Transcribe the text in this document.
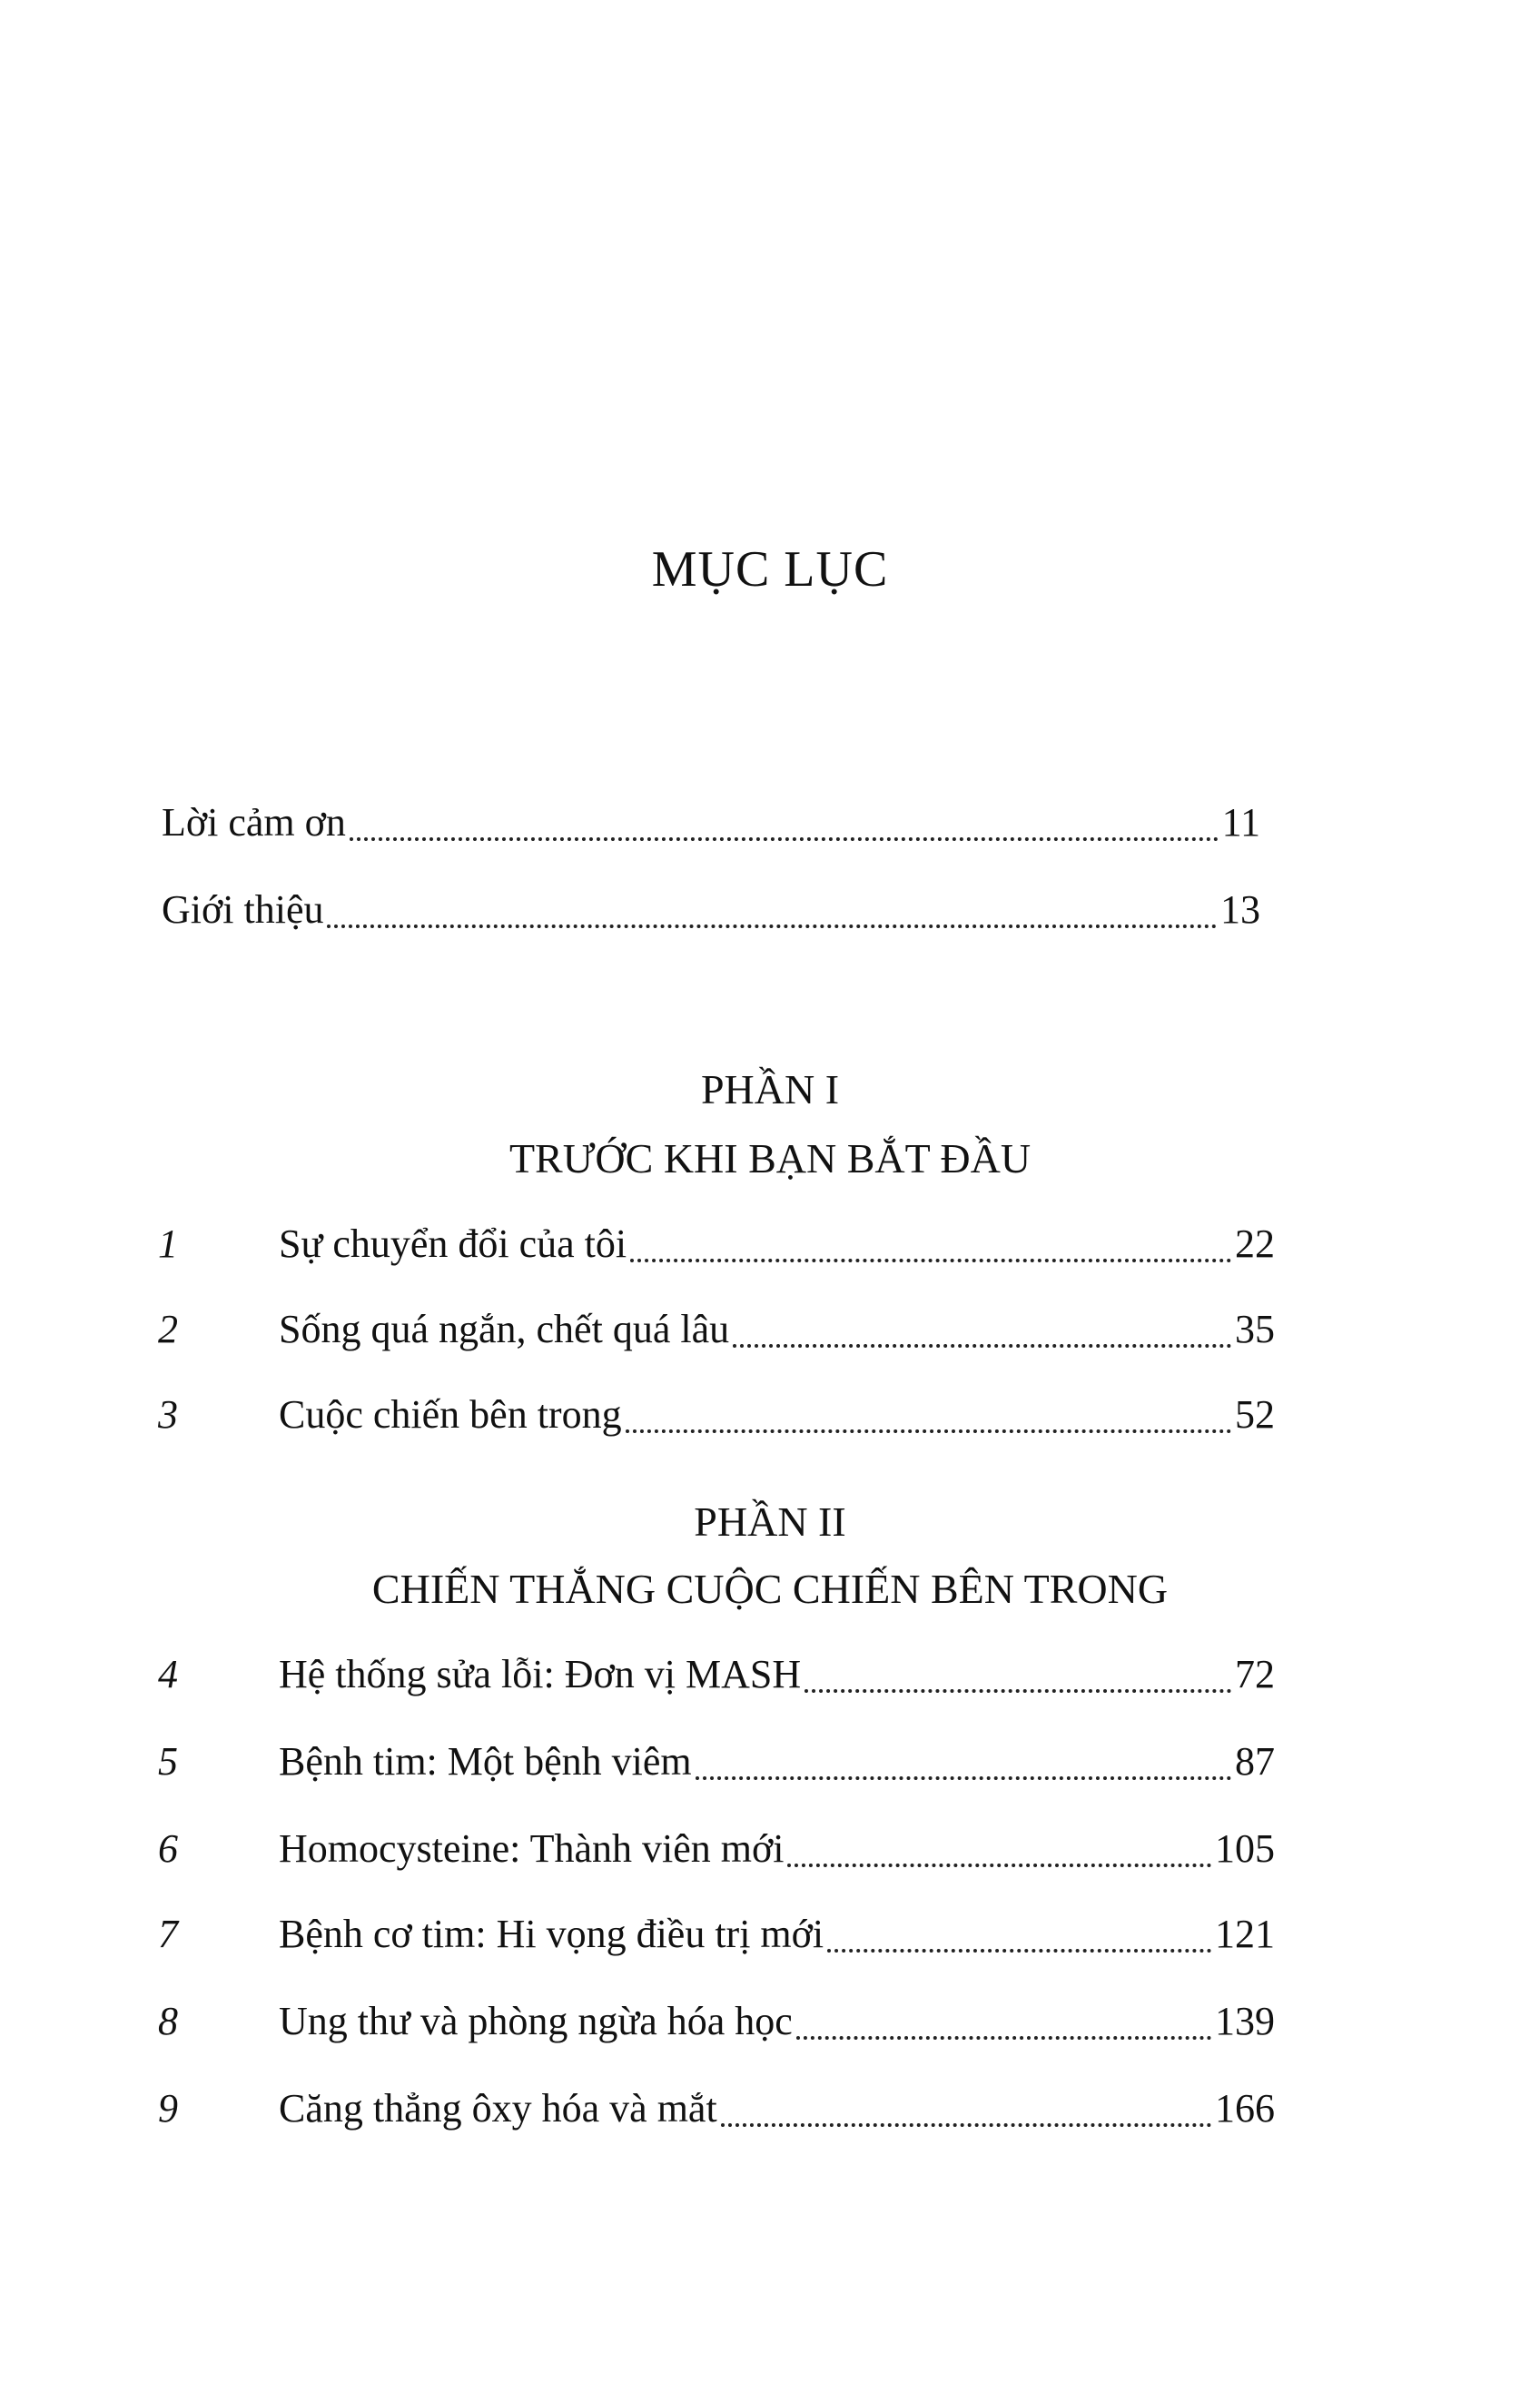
MỤC LỤC
Lời cảm ơn	11
Giới thiệu	13
PHẦN I
TRƯỚC KHI BẠN BẮT ĐẦU
1	Sự chuyển đổi của tôi	22
2	Sống quá ngắn, chết quá lâu	35
3	Cuộc chiến bên trong	52
PHẦN II
CHIẾN THẮNG CUỘC CHIẾN BÊN TRONG
4	Hệ thống sửa lỗi: Đơn vị MASH	72
5	Bệnh tim: Một bệnh viêm	87
6	Homocysteine: Thành viên mới	105
7	Bệnh cơ tim: Hi vọng điều trị mới	121
8	Ung thư và phòng ngừa hóa học	139
9	Căng thẳng ôxy hóa và mắt	166
